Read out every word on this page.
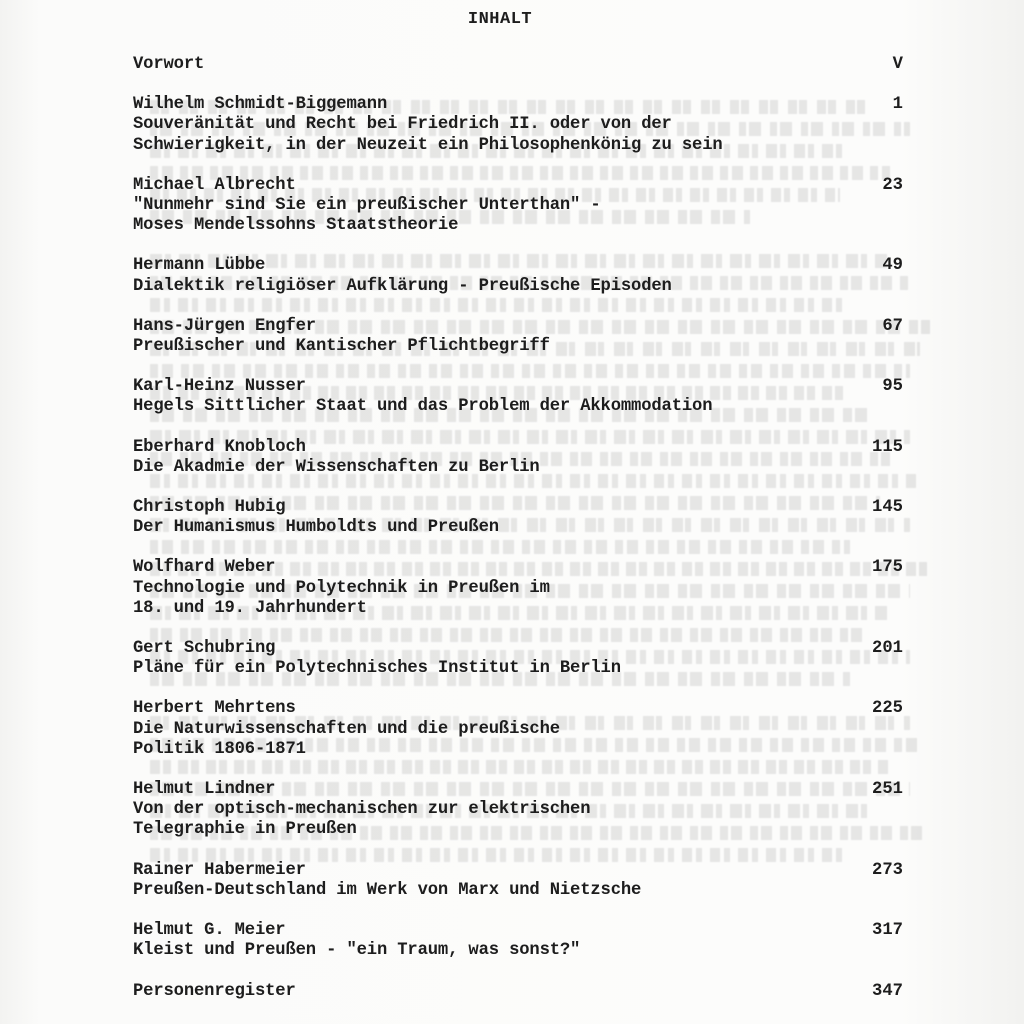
INHALT
Vorwort	V
Wilhelm Schmidt-Biggemann
Souveränität und Recht bei Friedrich II. oder von der
Schwierigkeit, in der Neuzeit ein Philosophenkönig zu sein
1
Michael Albrecht
"Nunmehr sind Sie ein preußischer Unterthan" -
Moses Mendelssohns Staatstheorie
23
Hermann Lübbe
Dialektik religiöser Aufklärung - Preußische Episoden
49
Hans-Jürgen Engfer
Preußischer und Kantischer Pflichtbegriff
67
Karl-Heinz Nusser
Hegels Sittlicher Staat und das Problem der Akkommodation
95
Eberhard Knobloch
Die Akadmie der Wissenschaften zu Berlin
115
Christoph Hubig
Der Humanismus Humboldts und Preußen
145
Wolfhard Weber
Technologie und Polytechnik in Preußen im
18. und 19. Jahrhundert
175
Gert Schubring
Pläne für ein Polytechnisches Institut in Berlin
201
Herbert Mehrtens
Die Naturwissenschaften und die preußische
Politik 1806-1871
225
Helmut Lindner
Von der optisch-mechanischen zur elektrischen
Telegraphie in Preußen
251
Rainer Habermeier
Preußen-Deutschland im Werk von Marx und Nietzsche
273
Helmut G. Meier
Kleist und Preußen - "ein Traum, was sonst?"
317
Personenregister	347
